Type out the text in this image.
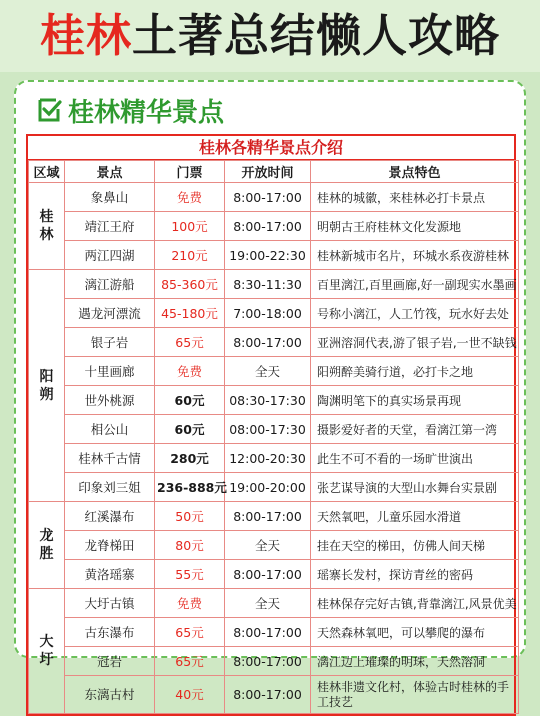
桂林土著总结懒人攻略
桂林精华景点
桂林各精华景点介绍
区域	景点	门票	开放时间	景点特色

桂
林	象鼻山	免费	8:00-17:00	桂林的城徽，来桂林必打卡景点
	靖江王府	100元	8:00-17:00	明朝古王府桂林文化发源地
	两江四湖	210元	19:00-22:30	桂林新城市名片，环城水系夜游桂林

阳
朔	漓江游船	85-360元	8:30-11:30	百里漓江,百里画廊,好一副现实水墨画
	遇龙河漂流	45-180元	7:00-18:00	号称小漓江，人工竹筏，玩水好去处
	银子岩	65元	8:00-17:00	亚洲溶洞代表,游了银子岩,一世不缺钱
	十里画廊	免费	全天	阳朔醉美骑行道，必打卡之地
	世外桃源	60元	08:30-17:30	陶渊明笔下的真实场景再现
	相公山	60元	08:00-17:30	摄影爱好者的天堂，看漓江第一湾
	桂林千古情	280元	12:00-20:30	此生不可不看的一场旷世演出
	印象刘三姐	236-888元	19:00-20:00	张艺谋导演的大型山水舞台实景剧

龙
胜	红溪瀑布	50元	8:00-17:00	天然氧吧，儿童乐园水滑道
	龙脊梯田	80元	全天	挂在天空的梯田，仿佛人间天梯
	黄洛瑶寨	55元	8:00-17:00	瑶寨长发村，探访青丝的密码

大
圩	大圩古镇	免费	全天	桂林保存完好古镇,背靠漓江,风景优美
	古东瀑布	65元	8:00-17:00	天然森林氧吧，可以攀爬的瀑布
	冠岩	65元	8:00-17:00	漓江边上璀璨的明珠，天然溶洞
	东漓古村	40元	8:00-17:00	桂林非遗文化村，体验古时桂林的手工技艺
